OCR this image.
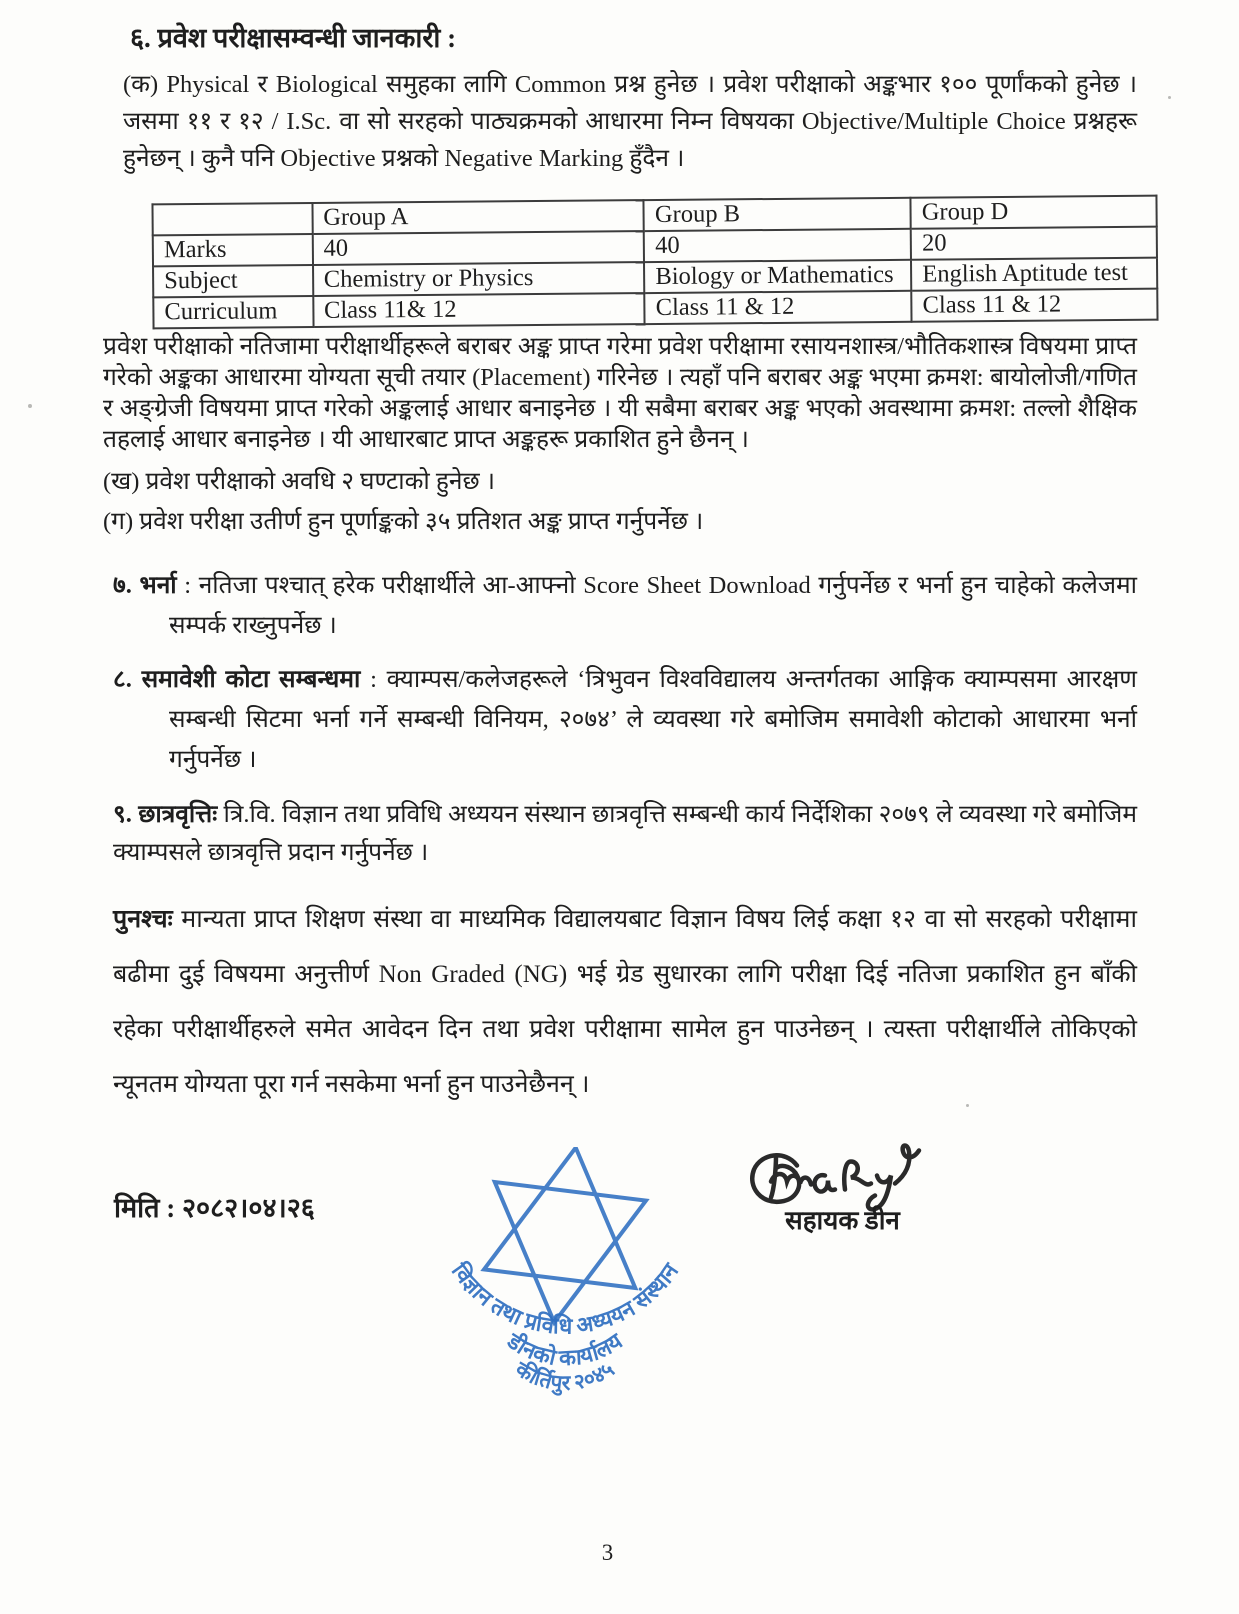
६. प्रवेश परीक्षासम्वन्धी जानकारी :

(क) Physical र Biological समुहका लागि Common प्रश्न हुनेछ । प्रवेश परीक्षाको अङ्कभार १०० पूर्णांकको हुनेछ । जसमा ११ र १२ / I.Sc. वा सो सरहको पाठ्यक्रमको आधारमा निम्न विषयका Objective/Multiple Choice प्रश्नहरू हुनेछन् । कुनै पनि Objective प्रश्नको Negative Marking हुँदैन ।

	Group A	Group B	Group D
Marks	40	40	20
Subject	Chemistry or Physics	Biology or Mathematics	English Aptitude test
Curriculum	Class 11& 12	Class 11 & 12	Class 11 & 12

प्रवेश परीक्षाको नतिजामा परीक्षार्थीहरूले बराबर अङ्क प्राप्त गरेमा प्रवेश परीक्षामा रसायनशास्त्र/भौतिकशास्त्र विषयमा प्राप्त गरेको अङ्कका आधारमा योग्यता सूची तयार (Placement) गरिनेछ । त्यहाँ पनि बराबर अङ्क भएमा क्रमश: बायोलोजी/गणित र अङ्ग्रेजी विषयमा प्राप्त गरेको अङ्कलाई आधार बनाइनेछ । यी सबैमा बराबर अङ्क भएको अवस्थामा क्रमश: तल्लो शैक्षिक तहलाई आधार बनाइनेछ । यी आधारबाट प्राप्त अङ्कहरू प्रकाशित हुने छैनन् ।

(ख) प्रवेश परीक्षाको अवधि २ घण्टाको हुनेछ ।

(ग) प्रवेश परीक्षा उतीर्ण हुन पूर्णाङ्कको ३५ प्रतिशत अङ्क प्राप्त गर्नुपर्नेछ ।

७. भर्ना : नतिजा पश्चात् हरेक परीक्षार्थीले आ-आफ्नो Score Sheet Download गर्नुपर्नेछ र भर्ना हुन चाहेको कलेजमा सम्पर्क राख्नुपर्नेछ ।

८. समावेशी कोटा सम्बन्धमा : क्याम्पस/कलेजहरूले ‘त्रिभुवन विश्वविद्यालय अन्तर्गतका आङ्गिक क्याम्पसमा आरक्षण सम्बन्धी सिटमा भर्ना गर्ने सम्बन्धी विनियम, २०७४’ ले व्यवस्था गरे बमोजिम समावेशी कोटाको आधारमा भर्ना गर्नुपर्नेछ ।

९. छात्रवृत्तिः त्रि.वि. विज्ञान तथा प्रविधि अध्ययन संस्थान छात्रवृत्ति सम्बन्धी कार्य निर्देशिका २०७९ ले व्यवस्था गरे बमोजिम क्याम्पसले छात्रवृत्ति प्रदान गर्नुपर्नेछ ।

पुनश्चः मान्यता प्राप्त शिक्षण संस्था वा माध्यमिक विद्यालयबाट विज्ञान विषय लिई कक्षा १२ वा सो सरहको परीक्षामा बढीमा दुई विषयमा अनुत्तीर्ण Non Graded (NG) भई ग्रेड सुधारका लागि परीक्षा दिई नतिजा प्रकाशित हुन बाँकी रहेका परीक्षार्थीहरुले समेत आवेदन दिन तथा प्रवेश परीक्षामा सामेल हुन पाउनेछन् । त्यस्ता परीक्षार्थीले तोकिएको न्यूनतम योग्यता पूरा गर्न नसकेमा भर्ना हुन पाउनेछैनन् ।

मिति : २०८२।०४।२६
विज्ञान तथा प्रविधि अध्ययन संस्थान
डीनको कार्यालय
कीर्तिपुर २०४५
सहायक डीन
3
